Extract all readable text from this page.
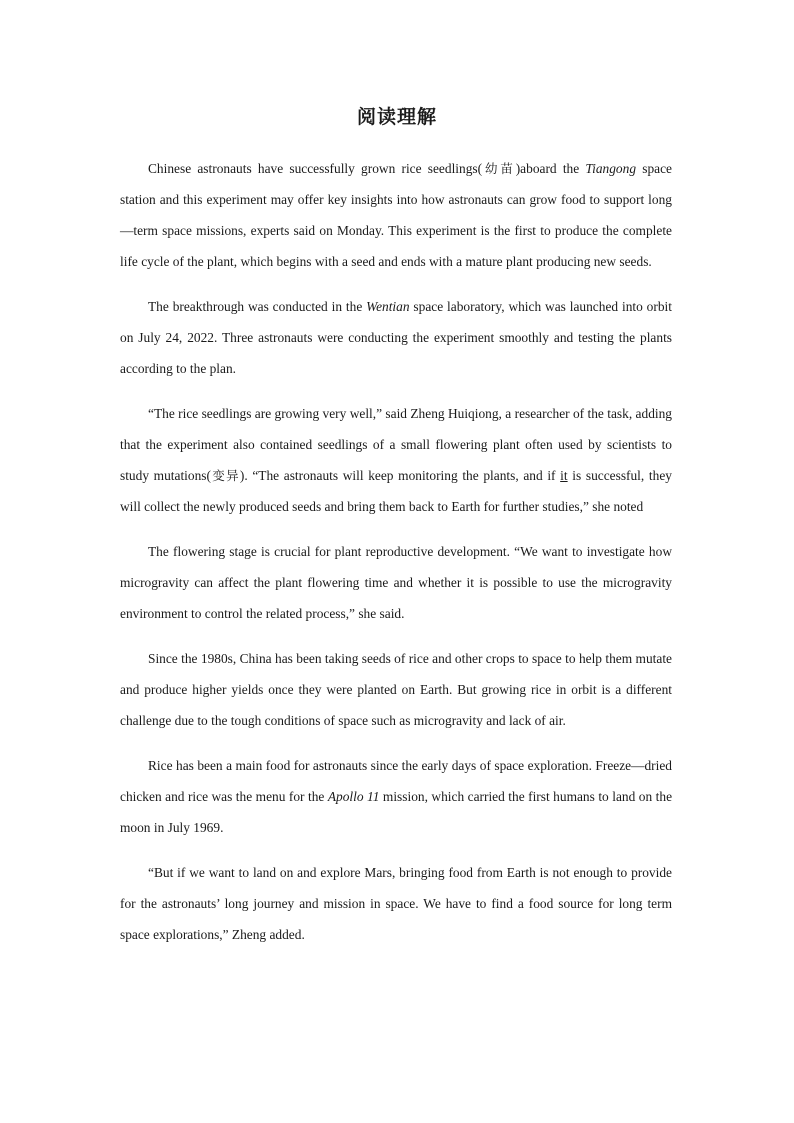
阅读理解

Chinese astronauts have successfully grown rice seedlings(幼苗)aboard the Tiangong space station and this experiment may offer key insights into how astronauts can grow food to support long—term space missions, experts said on Monday. This experiment is the first to produce the complete life cycle of the plant, which begins with a seed and ends with a mature plant producing new seeds.

The breakthrough was conducted in the Wentian space laboratory, which was launched into orbit on July 24, 2022. Three astronauts were conducting the experiment smoothly and testing the plants according to the plan.

“The rice seedlings are growing very well,” said Zheng Huiqiong, a researcher of the task, adding that the experiment also contained seedlings of a small flowering plant often used by scientists to study mutations(变异). “The astronauts will keep monitoring the plants, and if it is successful, they will collect the newly produced seeds and bring them back to Earth for further studies,” she noted

The flowering stage is crucial for plant reproductive development. “We want to investigate how microgravity can affect the plant flowering time and whether it is possible to use the microgravity environment to control the related process,” she said.

Since the 1980s, China has been taking seeds of rice and other crops to space to help them mutate and produce higher yields once they were planted on Earth. But growing rice in orbit is a different challenge due to the tough conditions of space such as microgravity and lack of air.

Rice has been a main food for astronauts since the early days of space exploration. Freeze—dried chicken and rice was the menu for the Apollo 11 mission, which carried the first humans to land on the moon in July 1969.

“But if we want to land on and explore Mars, bringing food from Earth is not enough to provide for the astronauts’ long journey and mission in space. We have to find a food source for long term space explorations,” Zheng added.
